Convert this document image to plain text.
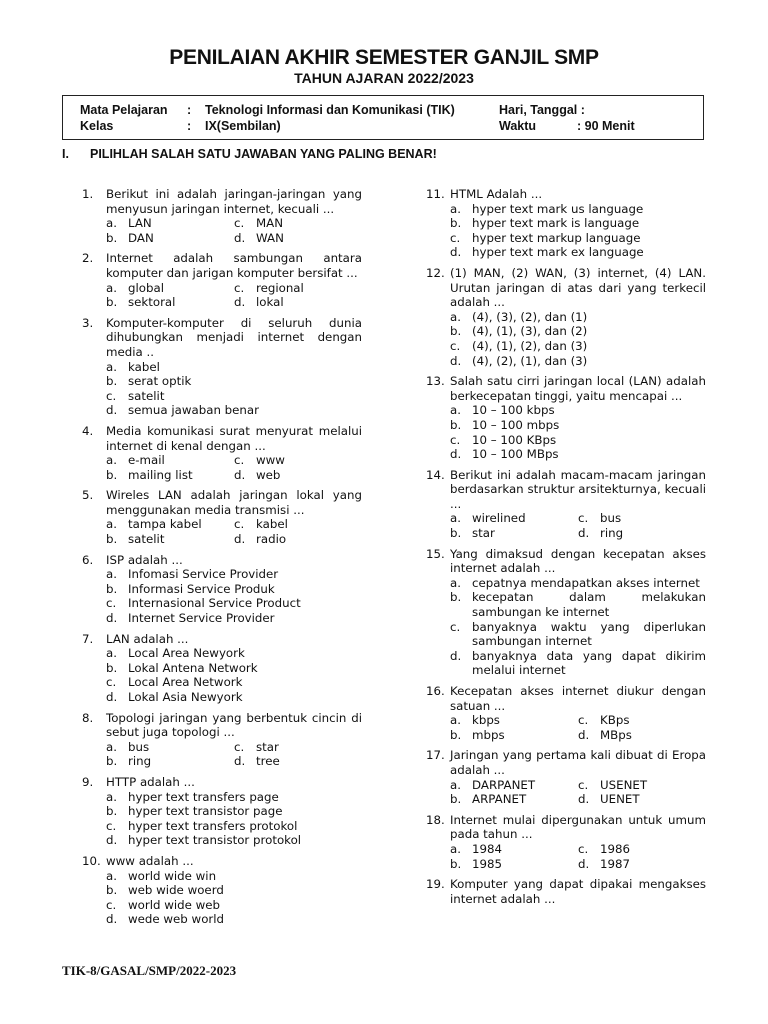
PENILAIAN AKHIR SEMESTER GANJIL SMP
TAHUN AJARAN 2022/2023
Mata Pelajaran : Teknologi Informasi dan Komunikasi (TIK)
Kelas	: IX(Sembilan)
Hari, Tanggal :
Waktu	: 90 Menit
I. PILIHLAH SALAH SATU JAWABAN YANG PALING BENAR!
1. Berikut ini adalah jaringan-jaringan yang menyusun jaringan internet, kecuali ...
a. LAN	c. MAN
b. DAN	d. WAN
2. Internet adalah sambungan antara komputer dan jarigan komputer bersifat ...
a. global	c. regional
b. sektoral	d. lokal
3. Komputer-komputer di seluruh dunia dihubungkan menjadi internet dengan media ..
a. kabel
b. serat optik
c. satelit
d. semua jawaban benar
4. Media komunikasi surat menyurat melalui internet di kenal dengan ...
a. e-mail	c. www
b. mailing list	d. web
5. Wireles LAN adalah jaringan lokal yang menggunakan media transmisi ...
a. tampa kabel	c. kabel
b. satelit	d. radio
6. ISP adalah ...
a. Infomasi Service Provider
b. Informasi Service Produk
c. Internasional Service Product
d. Internet Service Provider
7. LAN adalah ...
a. Local Area Newyork
b. Lokal Antena Network
c. Local Area Network
d. Lokal Asia Newyork
8. Topologi jaringan yang berbentuk cincin di sebut juga topologi ...
a. bus	c. star
b. ring	d. tree
9. HTTP adalah ...
a. hyper text transfers page
b. hyper text transistor page
c. hyper text transfers protokol
d. hyper text transistor protokol
10. www adalah ...
a. world wide win
b. web wide woerd
c. world wide web
d. wede web world
11. HTML Adalah ...
a. hyper text mark us language
b. hyper text mark is language
c. hyper text markup language
d. hyper text mark ex language
12. (1) MAN, (2) WAN, (3) internet, (4) LAN. Urutan jaringan di atas dari yang terkecil adalah ...
a. (4), (3), (2), dan (1)
b. (4), (1), (3), dan (2)
c. (4), (1), (2), dan (3)
d. (4), (2), (1), dan (3)
13. Salah satu cirri jaringan local (LAN) adalah berkecepatan tinggi, yaitu mencapai ...
a. 10 – 100 kbps
b. 10 – 100 mbps
c. 10 – 100 KBps
d. 10 – 100 MBps
14. Berikut ini adalah macam-macam jaringan berdasarkan struktur arsitekturnya, kecuali ...
a. wirelined	c. bus
b. star	d. ring
15. Yang dimaksud dengan kecepatan akses internet adalah ...
a. cepatnya mendapatkan akses internet
b. kecepatan dalam melakukan sambungan ke internet
c. banyaknya waktu yang diperlukan sambungan internet
d. banyaknya data yang dapat dikirim melalui internet
16. Kecepatan akses internet diukur dengan satuan ...
a. kbps	c. KBps
b. mbps	d. MBps
17. Jaringan yang pertama kali dibuat di Eropa adalah ...
a. DARPANET	c. USENET
b. ARPANET	d. UENET
18. Internet mulai dipergunakan untuk umum pada tahun ...
a. 1984	c. 1986
b. 1985	d. 1987
19. Komputer yang dapat dipakai mengakses internet adalah ...
TIK-8/GASAL/SMP/2022-2023
